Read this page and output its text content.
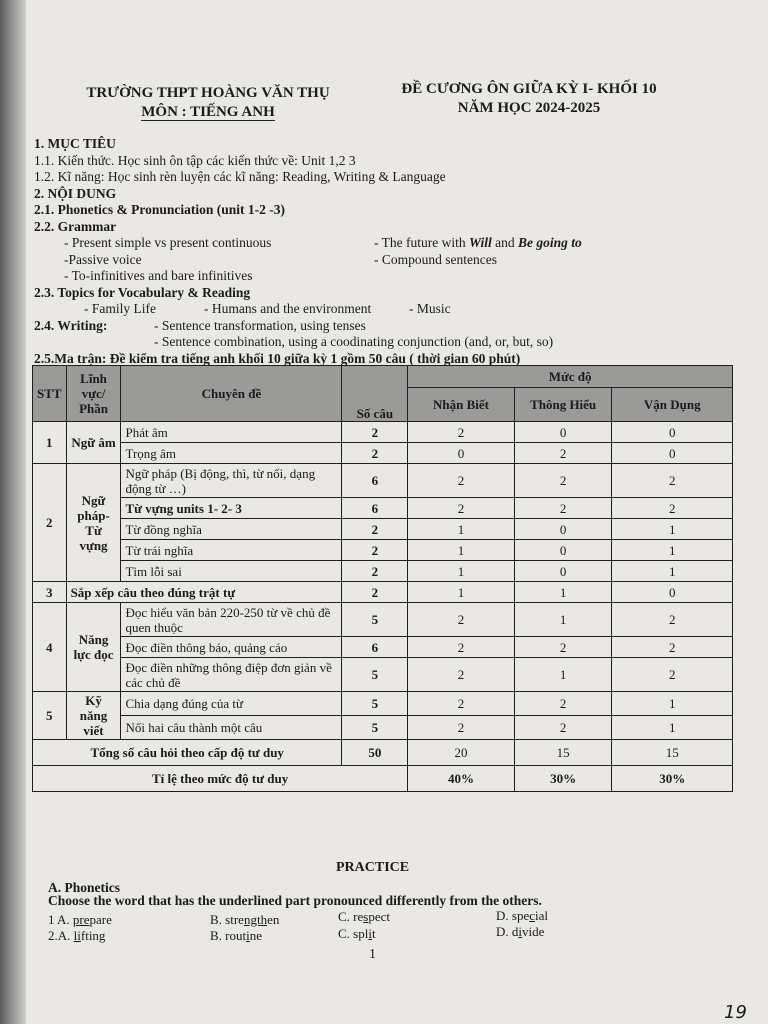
TRƯỜNG THPT HOÀNG VĂN THỤ
MÔN : TIẾNG ANH
ĐỀ CƯƠNG ÔN GIỮA KỲ I- KHỐI 10
NĂM HỌC 2024-2025
1. MỤC TIÊU
1.1. Kiến thức. Học sinh ôn tập các kiến thức về: Unit 1,2 3
1.2. Kĩ năng: Học sinh rèn luyện các kĩ năng: Reading, Writing & Language
2. NỘI DUNG
2.1. Phonetics & Pronunciation (unit 1-2 -3)
2.2. Grammar
- Present simple vs present continuous	- The future with Will and Be going to
-Passive voice	- Compound sentences
- To-infinitives and bare infinitives
2.3. Topics for Vocabulary & Reading
- Family Life	- Humans and the environment	- Music
2.4. Writing:	- Sentence transformation, using tenses
- Sentence combination, using a coodinating conjunction (and, or, but, so)
2.5.Ma trận: Đề kiểm tra tiếng anh khối 10 giữa kỳ 1 gồm 50 câu ( thời gian 60 phút)
STT	Lĩnh vực/ Phần	Chuyên đề	Số câu	Mức độ		
				Nhận Biết	Thông Hiểu	Vận Dụng
1	Ngữ âm	Phát âm	2	2	0	0
		Trọng âm	2	0	2	0
2	Ngữ pháp- Từ vựng	Ngữ pháp (Bị động, thì, từ nối, dạng động từ …)	6	2	2	2
		Từ vựng units 1- 2- 3	6	2	2	2
		Từ đồng nghĩa	2	1	0	1
		Từ trái nghĩa	2	1	0	1
		Tìm lỗi sai	2	1	0	1
3	Sắp xếp câu theo đúng trật tự		2	1	1	0
4	Năng lực đọc	Đọc hiểu văn bản 220-250 từ về chủ đề quen thuộc	5	2	1	2
		Đọc điền thông báo, quảng cáo	6	2	2	2
		Đọc điền những thông điệp đơn giản về các chủ đề	5	2	1	2
5	Kỹ năng viết	Chia dạng đúng của từ	5	2	2	1
		Nối hai câu thành một câu	5	2	2	1
Tổng số câu hỏi theo cấp độ tư duy			50	20	15	15
Tỉ lệ theo mức độ tư duy				40%	30%	30%
PRACTICE
A. Phonetics
Choose the word that has the underlined part pronounced differently from the others.
1 A. prepare	B. strengthen	C. respect	D. special
2.A. lifting	B. routine	C. split	D. divide
1
19
